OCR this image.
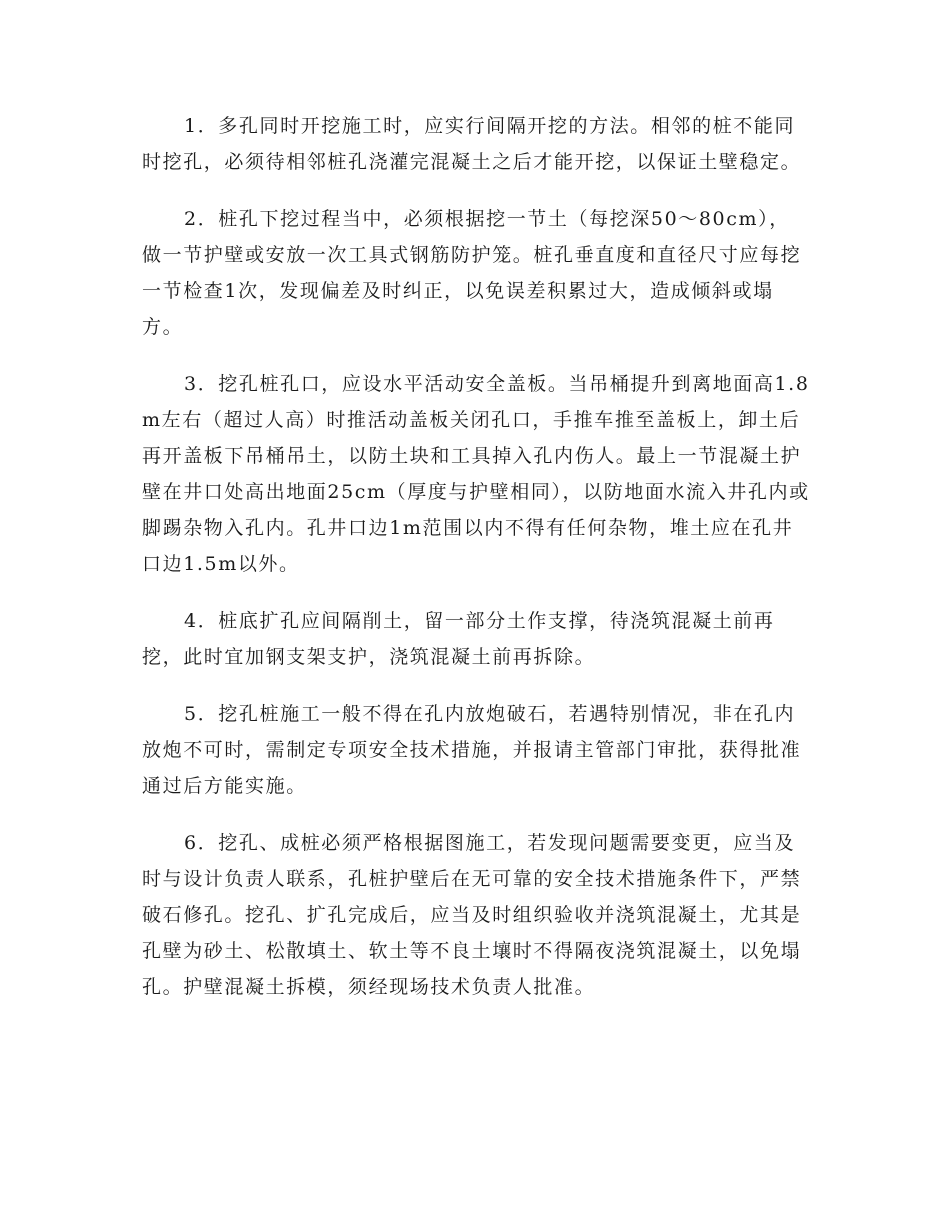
1．多孔同时开挖施工时，应实行间隔开挖的方法。相邻的桩不能同时挖孔，必须待相邻桩孔浇灌完混凝土之后才能开挖，以保证土壁稳定。

2．桩孔下挖过程当中，必须根据挖一节土（每挖深50～80cm），做一节护壁或安放一次工具式钢筋防护笼。桩孔垂直度和直径尺寸应每挖一节检查1次，发现偏差及时纠正，以免误差积累过大，造成倾斜或塌方。

3．挖孔桩孔口，应设水平活动安全盖板。当吊桶提升到离地面高1.8m左右（超过人高）时推活动盖板关闭孔口，手推车推至盖板上，卸土后再开盖板下吊桶吊土，以防土块和工具掉入孔内伤人。最上一节混凝土护壁在井口处高出地面25cm（厚度与护壁相同），以防地面水流入井孔内或脚踢杂物入孔内。孔井口边1m范围以内不得有任何杂物，堆土应在孔井口边1.5m以外。

4．桩底扩孔应间隔削土，留一部分土作支撑，待浇筑混凝土前再挖，此时宜加钢支架支护，浇筑混凝土前再拆除。

5．挖孔桩施工一般不得在孔内放炮破石，若遇特别情况，非在孔内放炮不可时，需制定专项安全技术措施，并报请主管部门审批，获得批准通过后方能实施。

6．挖孔、成桩必须严格根据图施工，若发现问题需要变更，应当及时与设计负责人联系，孔桩护壁后在无可靠的安全技术措施条件下，严禁破石修孔。挖孔、扩孔完成后，应当及时组织验收并浇筑混凝土，尤其是孔壁为砂土、松散填土、软土等不良土壤时不得隔夜浇筑混凝土，以免塌孔。护壁混凝土拆模，须经现场技术负责人批准。
